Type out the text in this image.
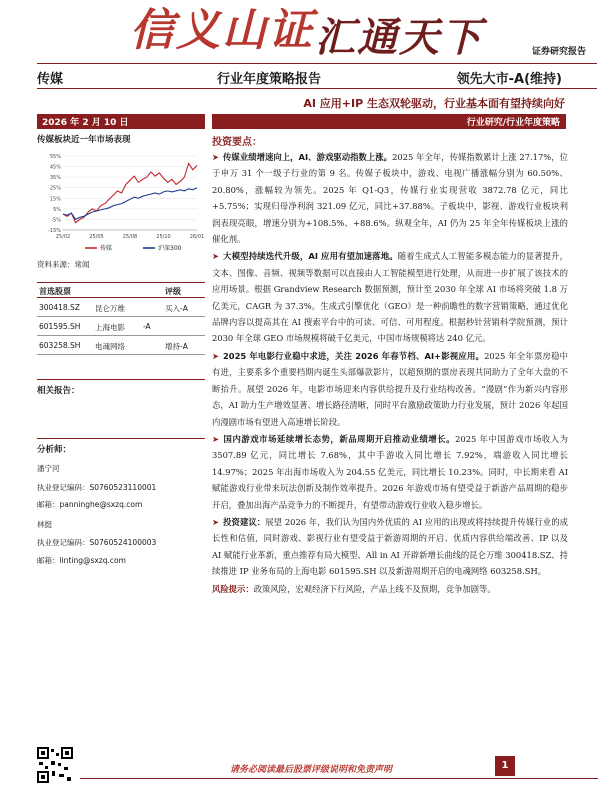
信义山证 汇通天下	证券研究报告
传媒	行业年度策略报告	领先大市-A(维持)
AI 应用+IP 生态双轮驱动，行业基本面有望持续向好
2026 年 2 月 10 日	行业研究/行业年度策略
传媒板块近一年市场表现
55%
45%
35%
25%
15%
5%
-5%
-15%
25/02	25/05	25/08	25/10	26/01
传媒	沪深300
资料来源：常闻
首选股票	评级
300418.SZ 昆仑万维	买入-A
601595.SH 上海电影 -A
603258.SH 电魂网络	增持-A
相关报告：
分析师：
潘宁河
执业登记编码：S0760523110001
邮箱：panninghe@sxzq.com
林挺
执业登记编码：S0760524100003
邮箱：linting@sxzq.com
投资要点：

➤ 传媒业绩增速向上，AI、游戏驱动指数上涨。2025 年全年，传媒指数累计上涨 27.17%，位于申万 31 个一级子行业的第 9 名。传媒子板块中，游戏、电视广播涨幅分别为 60.50%、20.80%，涨幅较为领先。2025 年 Q1-Q3，传媒行业实现营收 3872.78 亿元，同比+5.75%；实现归母净利润 321.09 亿元，同比+37.88%。子板块中，影视、游戏行业板块利润表现亮眼，增速分别为+108.5%、+88.6%。纵观全年，AI 仍为 25 年全年传媒板块上涨的催化剂。

➤ 大模型持续迭代升级，AI 应用有望加速落地。随着生成式人工智能多模态能力的显著提升，文本、图像、音频、视频等数据可以直接由人工智能模型进行处理，从而进一步扩展了该技术的应用场景。根据 Grandview Research 数据预测，预计至 2030 年全球 AI 市场将突破 1.8 万亿美元，CAGR 为 37.3%。生成式引擎优化（GEO）是一种前瞻性的数字营销策略，通过优化品牌内容以提高其在 AI 搜索平台中的可读、可信、可用程度。根据秒针营销科学院预测，预计 2030 年全球 GEO 市场规模将破千亿美元，中国市场规模将达 240 亿元。

➤ 2025 年电影行业稳中求进，关注 2026 年春节档、AI+影视应用。2025 年全年票房稳中有进，主要系多个重要档期内诞生头部爆款影片，以超预期的票房表现共同助力了全年大盘的不断抬升。展望 2026 年，电影市场迎来内容供给提升及行业结构改善。“漫剧”作为新兴内容形态，AI 助力生产增效显著、增长路径清晰，同时平台激励政策助力行业发展，预计 2026 年起国内漫剧市场有望进入高速增长阶段。

➤ 国内游戏市场延续增长态势，新品周期开启推动业绩增长。2025 年中国游戏市场收入为 3507.89 亿元，同比增长 7.68%，其中手游收入同比增长 7.92%，端游收入同比增长 14.97%；2025 年出海市场收入为 204.55 亿美元，同比增长 10.23%。同时，中长期来看 AI 赋能游戏行业带来玩法创新及制作效率提升。2026 年游戏市场有望受益于新游产品周期的稳步开启，叠加出海产品竞争力的不断提升，有望带动游戏行业收入稳步增长。

➤ 投资建议：展望 2026 年，我们认为国内外优质的 AI 应用的出现或将持续提升传媒行业的成长性和估值，同时游戏、影视行业有望受益于新游周期的开启、优质内容供给端改善、IP 以及 AI 赋能行业革新，重点推荐有局大模型、All in AI 开辟新增长曲线的昆仑万维 300418.SZ、持续推进 IP 业务布局的上海电影 601595.SH 以及新游周期开启的电魂网络 603258.SH。

风险提示：政策风险，宏观经济下行风险，产品上线不及预期，竞争加剧等。

请务必阅读最后股票评级说明和免责声明	1
